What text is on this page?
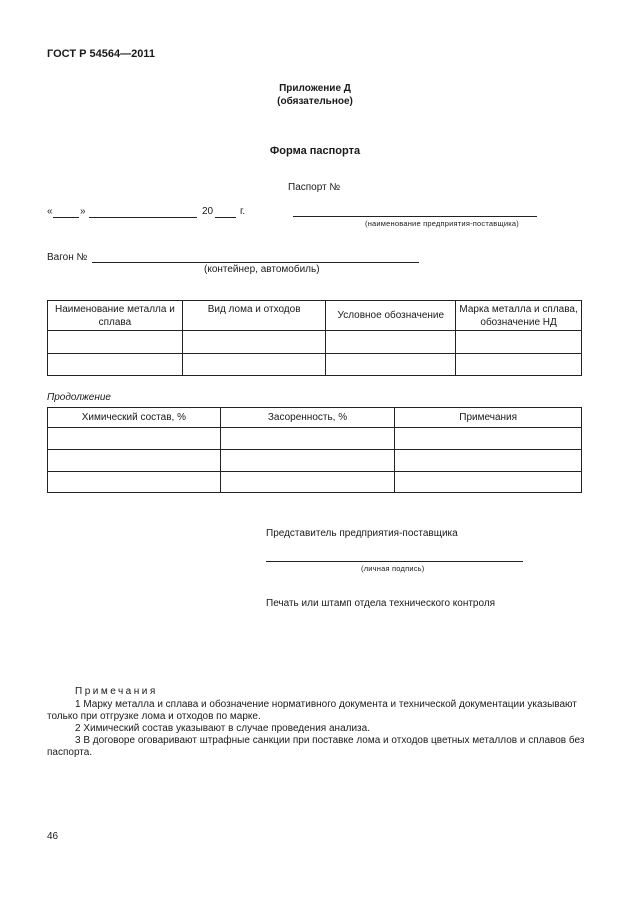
ГОСТ Р 54564—2011
Приложение Д
(обязательное)
Форма паспорта
Паспорт №
«	»	20	г.
(наименование предприятия-поставщика)
Вагон №
(контейнер, автомобиль)
Наименование металла и сплава	Вид лома и отходов	Условное обозначение	Марка металла и сплава, обозначение НД

Продолжение
Химический состав, %	Засоренность, %	Примечания

Представитель предприятия-поставщика
(личная подпись)
Печать или штамп отдела технического контроля
Примечания
1 Марку металла и сплава и обозначение нормативного документа и технической документации указывают
только при отгрузке лома и отходов по марке.
2 Химический состав указывают в случае проведения анализа.
3 В договоре оговаривают штрафные санкции при поставке лома и отходов цветных металлов и сплавов без
паспорта.
46
